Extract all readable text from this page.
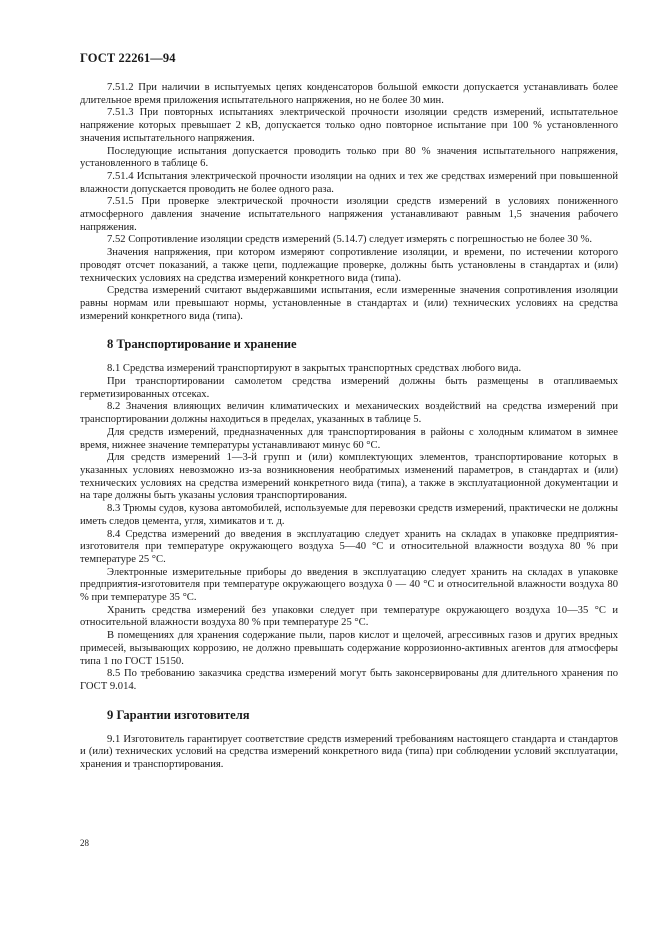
ГОСТ 22261—94

7.51.2 При наличии в испытуемых цепях конденсаторов большой емкости допускается устанавливать более длительное время приложения испытательного напряжения, но не более 30 мин.

7.51.3 При повторных испытаниях электрической прочности изоляции средств измерений, испытательное напряжение которых превышает 2 кВ, допускается только одно повторное испытание при 100 % установленного значения испытательного напряжения.

Последующие испытания допускается проводить только при 80 % значения испытательного напряжения, установленного в таблице 6.

7.51.4 Испытания электрической прочности изоляции на одних и тех же средствах измерений при повышенной влажности допускается проводить не более одного раза.

7.51.5 При проверке электрической прочности изоляции средств измерений в условиях пониженного атмосферного давления значение испытательного напряжения устанавливают равным 1,5 значения рабочего напряжения.

7.52 Сопротивление изоляции средств измерений (5.14.7) следует измерять с погрешностью не более 30 %.

Значения напряжения, при котором измеряют сопротивление изоляции, и времени, по истечении которого проводят отсчет показаний, а также цепи, подлежащие проверке, должны быть установлены в стандартах и (или) технических условиях на средства измерений конкретного вида (типа).

Средства измерений считают выдержавшими испытания, если измеренные значения сопротивления изоляции равны нормам или превышают нормы, установленные в стандартах и (или) технических условиях на средства измерений конкретного вида (типа).

8 Транспортирование и хранение

8.1 Средства измерений транспортируют в закрытых транспортных средствах любого вида.

При транспортировании самолетом средства измерений должны быть размещены в отапливаемых герметизированных отсеках.

8.2 Значения влияющих величин климатических и механических воздействий на средства измерений при транспортировании должны находиться в пределах, указанных в таблице 5.

Для средств измерений, предназначенных для транспортирования в районы с холодным климатом в зимнее время, нижнее значение температуры устанавливают минус 60 °С.

Для средств измерений 1—3-й групп и (или) комплектующих элементов, транспортирование которых в указанных условиях невозможно из-за возникновения необратимых изменений параметров, в стандартах и (или) технических условиях на средства измерений конкретного вида (типа), а также в эксплуатационной документации и на таре должны быть указаны условия транспортирования.

8.3 Трюмы судов, кузова автомобилей, используемые для перевозки средств измерений, практически не должны иметь следов цемента, угля, химикатов и т. д.

8.4 Средства измерений до введения в эксплуатацию следует хранить на складах в упаковке предприятия-изготовителя при температуре окружающего воздуха 5—40 °С и относительной влажности воздуха 80 % при температуре 25 °С.

Электронные измерительные приборы до введения в эксплуатацию следует хранить на складах в упаковке предприятия-изготовителя при температуре окружающего воздуха 0 — 40 °С и относительной влажности воздуха 80 % при температуре 35 °С.

Хранить средства измерений без упаковки следует при температуре окружающего воздуха 10—35 °С и относительной влажности воздуха 80 % при температуре 25 °С.

В помещениях для хранения содержание пыли, паров кислот и щелочей, агрессивных газов и других вредных примесей, вызывающих коррозию, не должно превышать содержание коррозионно-активных агентов для атмосферы типа 1 по ГОСТ 15150.

8.5 По требованию заказчика средства измерений могут быть законсервированы для длительного хранения по ГОСТ 9.014.

9 Гарантии изготовителя

9.1 Изготовитель гарантирует соответствие средств измерений требованиям настоящего стандарта и стандартов и (или) технических условий на средства измерений конкретного вида (типа) при соблюдении условий эксплуатации, хранения и транспортирования.

28
